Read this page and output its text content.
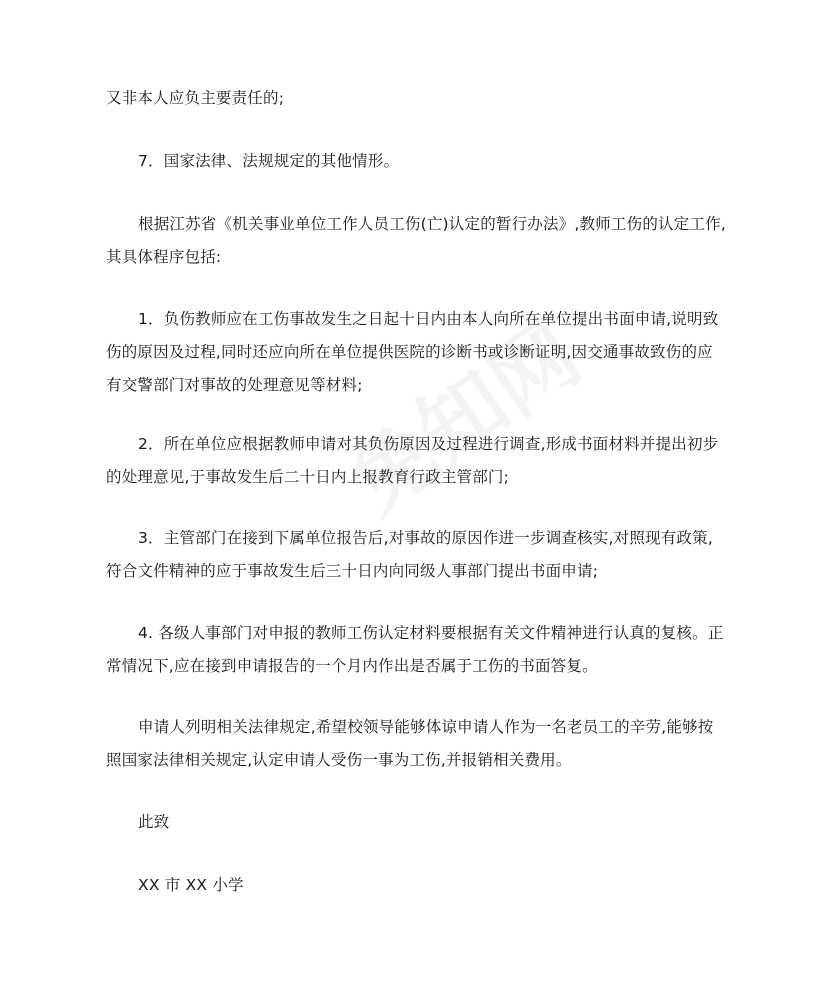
又非本人应负主要责任的;

7．国家法律、法规规定的其他情形。

根据江苏省《机关事业单位工作人员工伤(亡)认定的暂行办法》,教师工伤的认定工作,
其具体程序包括:

1．负伤教师应在工伤事故发生之日起十日内由本人向所在单位提出书面申请,说明致
伤的原因及过程,同时还应向所在单位提供医院的诊断书或诊断证明,因交通事故致伤的应
有交警部门对事故的处理意见等材料;

2．所在单位应根据教师申请对其负伤原因及过程进行调查,形成书面材料并提出初步
的处理意见,于事故发生后二十日内上报教育行政主管部门;

3．主管部门在接到下属单位报告后,对事故的原因作进一步调查核实,对照现有政策,
符合文件精神的应于事故发生后三十日内向同级人事部门提出书面申请;

4. 各级人事部门对申报的教师工伤认定材料要根据有关文件精神进行认真的复核。正
常情况下,应在接到申请报告的一个月内作出是否属于工伤的书面答复。

申请人列明相关法律规定,希望校领导能够体谅申请人作为一名老员工的辛劳,能够按
照国家法律相关规定,认定申请人受伤一事为工伤,并报销相关费用。

此致

XX 市 XX 小学
